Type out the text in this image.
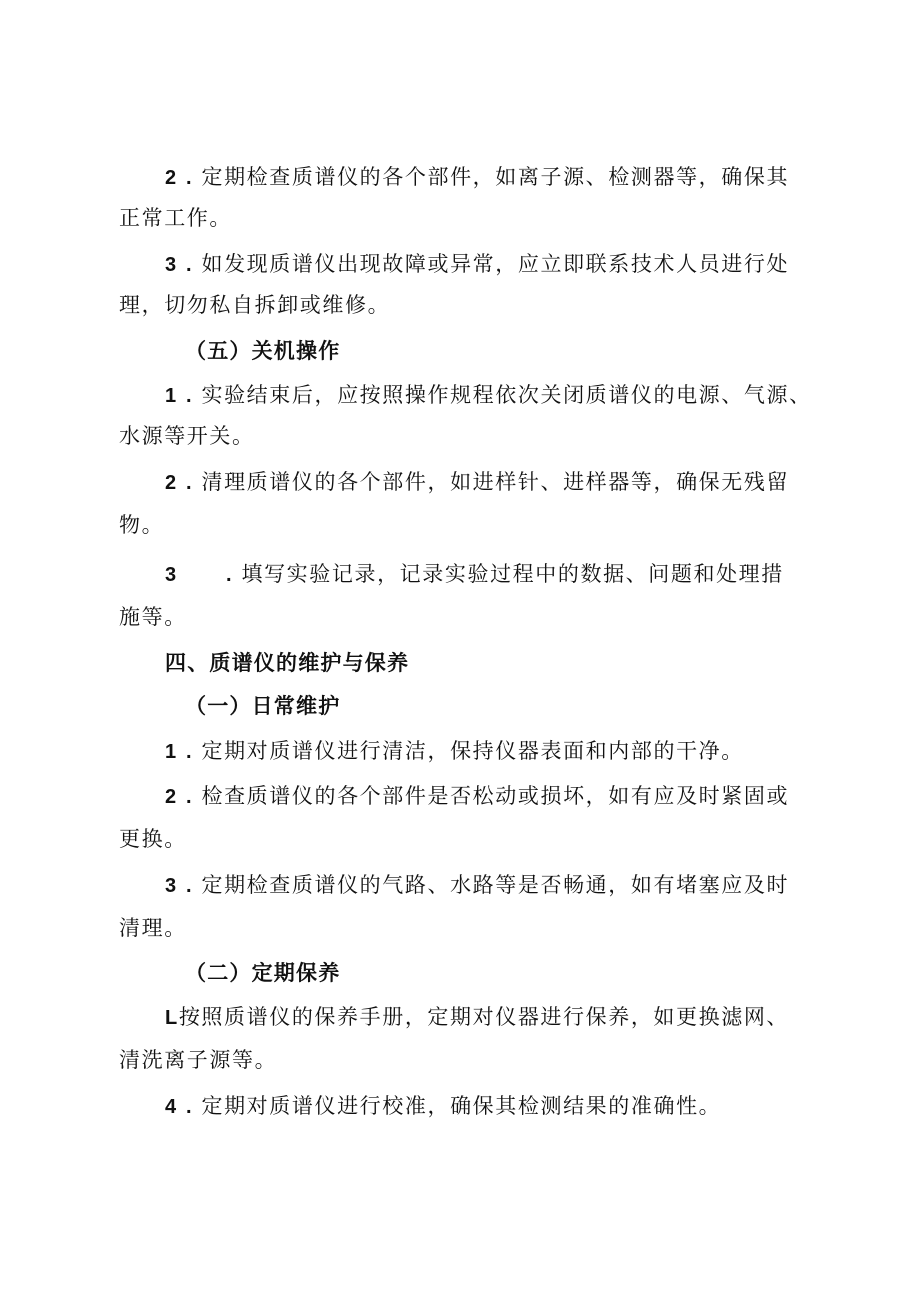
2 . 定期检查质谱仪的各个部件，如离子源、检测器等，确保其
正常工作。
3 . 如发现质谱仪出现故障或异常，应立即联系技术人员进行处
理，切勿私自拆卸或维修。
（五）关机操作
1 . 实验结束后，应按照操作规程依次关闭质谱仪的电源、气源、
水源等开关。
2 . 清理质谱仪的各个部件，如进样针、进样器等，确保无残留
物。
3 . 填写实验记录，记录实验过程中的数据、问题和处理措
施等。
四、质谱仪的维护与保养
（一）日常维护
1 . 定期对质谱仪进行清洁，保持仪器表面和内部的干净。
2 . 检查质谱仪的各个部件是否松动或损坏，如有应及时紧固或
更换。
3 . 定期检查质谱仪的气路、水路等是否畅通，如有堵塞应及时
清理。
（二）定期保养
L按照质谱仪的保养手册，定期对仪器进行保养，如更换滤网、
清洗离子源等。
4 . 定期对质谱仪进行校准，确保其检测结果的准确性。
